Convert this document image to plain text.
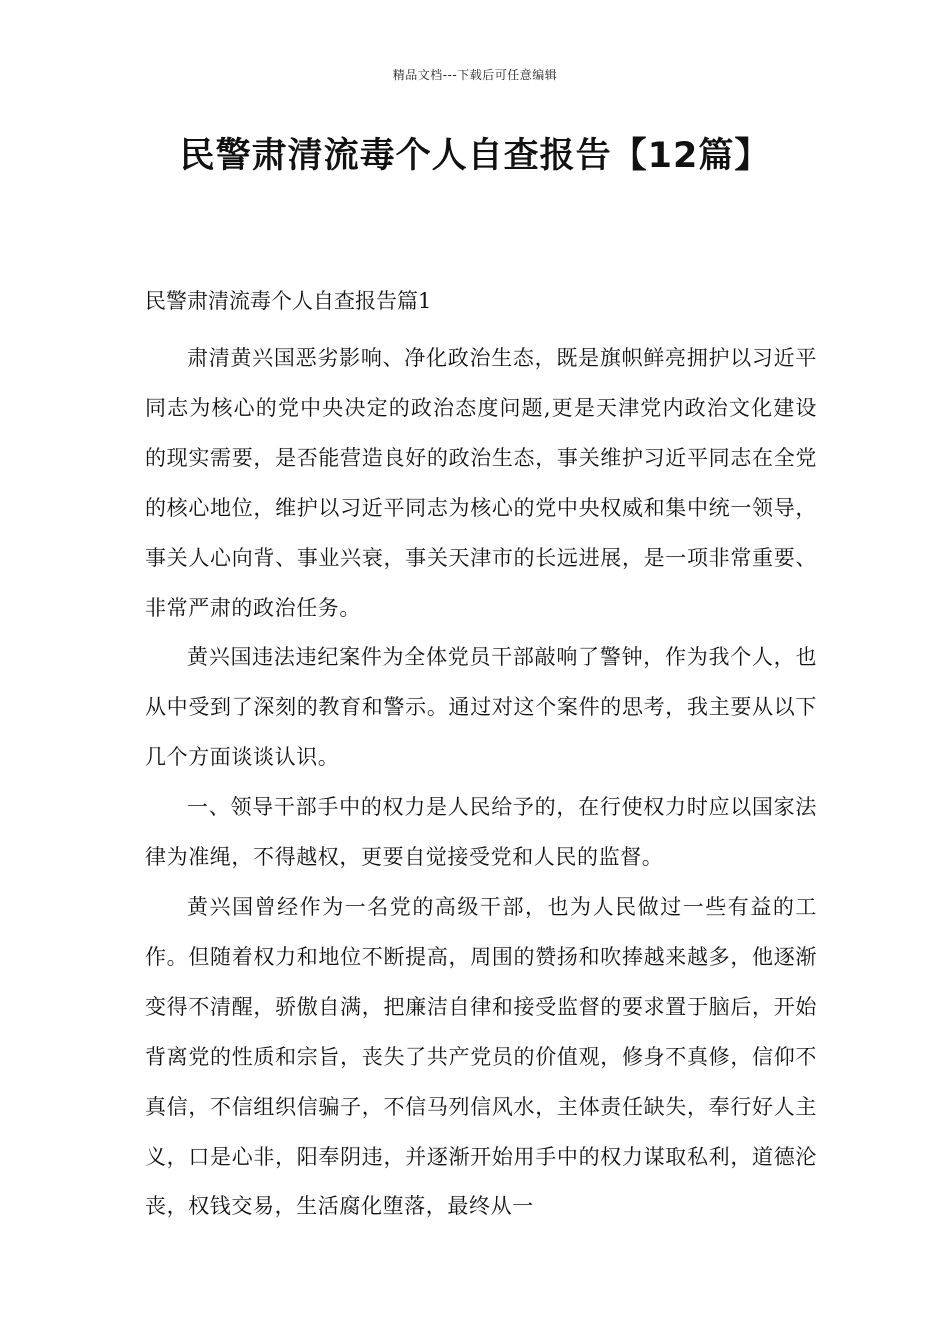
精品文档---下载后可任意编辑
民警肃清流毒个人自查报告【12篇】
民警肃清流毒个人自查报告篇1

肃清黄兴国恶劣影响、净化政治生态，既是旗帜鲜亮拥护以习近平同志为核心的党中央决定的政治态度问题,更是天津党内政治文化建设的现实需要，是否能营造良好的政治生态，事关维护习近平同志在全党的核心地位，维护以习近平同志为核心的党中央权威和集中统一领导，事关人心向背、事业兴衰，事关天津市的长远进展，是一项非常重要、非常严肃的政治任务。

黄兴国违法违纪案件为全体党员干部敲响了警钟，作为我个人，也从中受到了深刻的教育和警示。通过对这个案件的思考，我主要从以下几个方面谈谈认识。

一、领导干部手中的权力是人民给予的，在行使权力时应以国家法律为准绳，不得越权，更要自觉接受党和人民的监督。

黄兴国曾经作为一名党的高级干部，也为人民做过一些有益的工作。但随着权力和地位不断提高，周围的赞扬和吹捧越来越多，他逐渐变得不清醒，骄傲自满，把廉洁自律和接受监督的要求置于脑后，开始背离党的性质和宗旨，丧失了共产党员的价值观，修身不真修，信仰不真信，不信组织信骗子，不信马列信风水，主体责任缺失，奉行好人主义，口是心非，阳奉阴违，并逐渐开始用手中的权力谋取私利，道德沦丧，权钱交易，生活腐化堕落，最终从一
